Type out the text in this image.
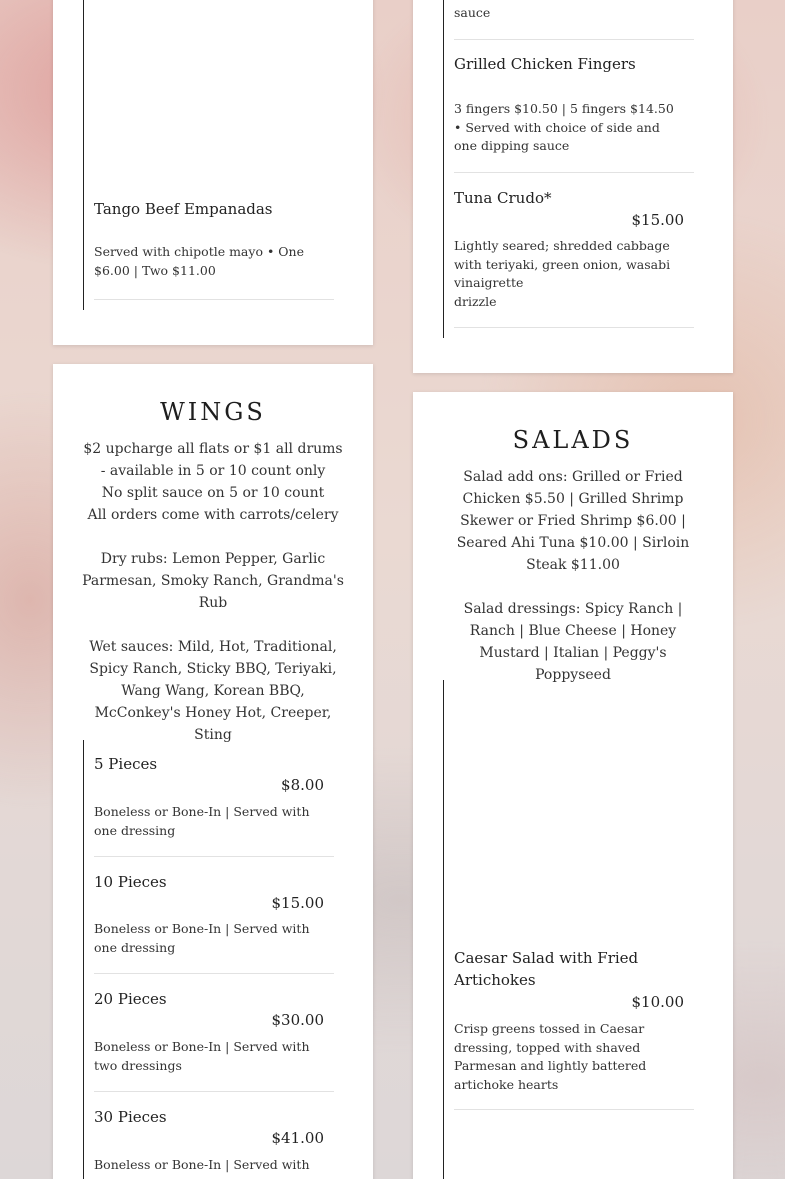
Tango Beef Empanadas
Served with chipotle mayo • One $6.00 | Two $11.00
sauce
Grilled Chicken Fingers
3 fingers $10.50 | 5 fingers $14.50 • Served with choice of side and one dipping sauce
Tuna Crudo*
$15.00
Lightly seared; shredded cabbage with teriyaki, green onion, wasabi vinaigrette
drizzle
WINGS
$2 upcharge all flats or $1 all drums - available in 5 or 10 count only
No split sauce on 5 or 10 count
All orders come with carrots/celery
Dry rubs: Lemon Pepper, Garlic Parmesan, Smoky Ranch, Grandma's Rub
Wet sauces: Mild, Hot, Traditional, Spicy Ranch, Sticky BBQ, Teriyaki, Wang Wang, Korean BBQ, McConkey's Honey Hot, Creeper, Sting
5 Pieces
$8.00
Boneless or Bone-In | Served with one dressing
10 Pieces
$15.00
Boneless or Bone-In | Served with one dressing
20 Pieces
$30.00
Boneless or Bone-In | Served with two dressings
30 Pieces
$41.00
Boneless or Bone-In | Served with
SALADS
Salad add ons: Grilled or Fried Chicken $5.50 | Grilled Shrimp Skewer or Fried Shrimp $6.00 | Seared Ahi Tuna $10.00 | Sirloin Steak $11.00
Salad dressings: Spicy Ranch | Ranch | Blue Cheese | Honey Mustard | Italian | Peggy's Poppyseed
Caesar Salad with Fried Artichokes
$10.00
Crisp greens tossed in Caesar dressing, topped with shaved Parmesan and lightly battered artichoke hearts
